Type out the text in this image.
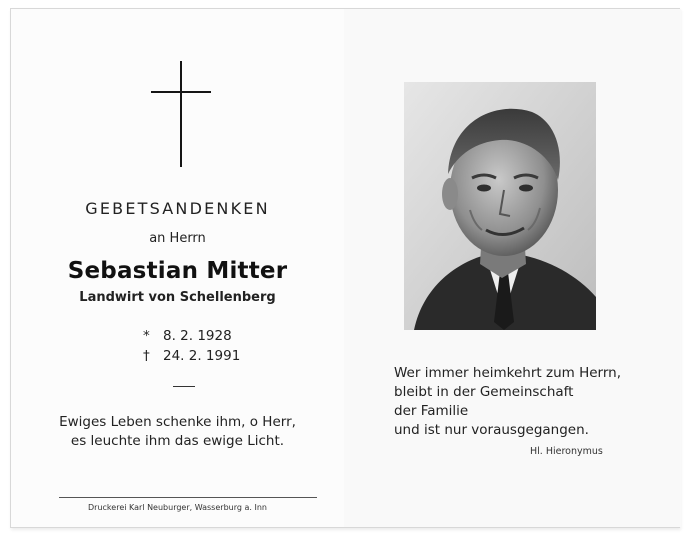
GEBETSANDENKEN
an Herrn
Sebastian Mitter
Landwirt von Schellenberg
* 8. 2. 1928
† 24. 2. 1991
Ewiges Leben schenke ihm, o Herr,
es leuchte ihm das ewige Licht.
Druckerei Karl Neuburger, Wasserburg a. Inn
Wer immer heimkehrt zum Herrn,
bleibt in der Gemeinschaft
der Familie
und ist nur vorausgegangen.
Hl. Hieronymus
